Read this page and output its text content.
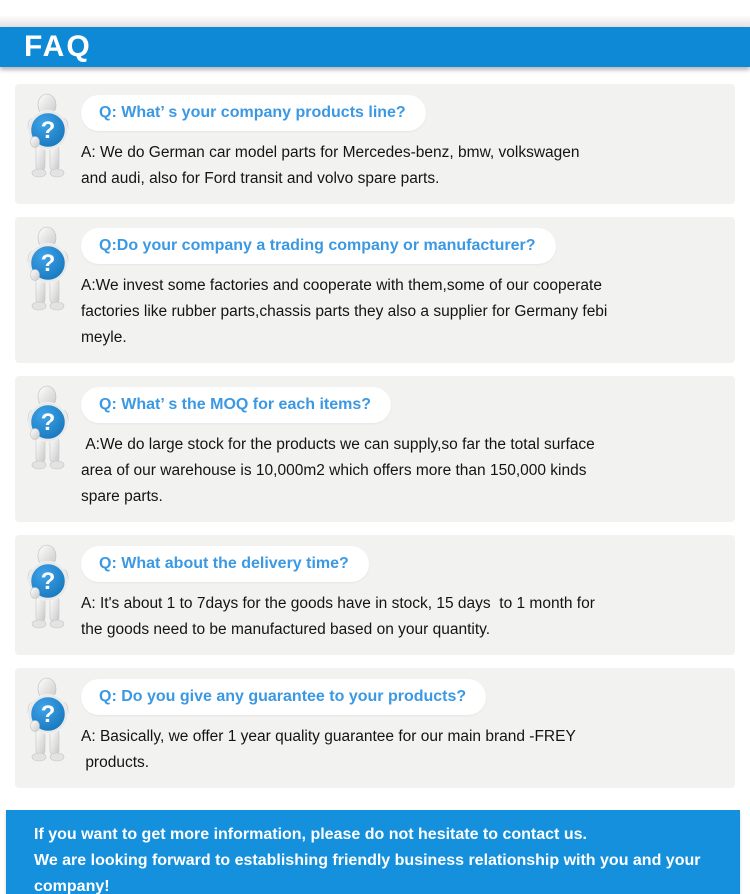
FAQ
Q: What’ s your company products line?
A: We do German car model parts for Mercedes-benz, bmw, volkswagen
and audi, also for Ford transit and volvo spare parts.
Q:Do your company a trading company or manufacturer?
A:We invest some factories and cooperate with them,some of our cooperate
factories like rubber parts,chassis parts they also a supplier for Germany febi
meyle.
Q: What’ s the MOQ for each items?
A:We do large stock for the products we can supply,so far the total surface
area of our warehouse is 10,000m2 which offers more than 150,000 kinds
spare parts.
Q: What about the delivery time?
A: It's about 1 to 7days for the goods have in stock, 15 days  to 1 month for
the goods need to be manufactured based on your quantity.
Q: Do you give any guarantee to your products?
A: Basically, we offer 1 year quality guarantee for our main brand -FREY
products.
If you want to get more information, please do not hesitate to contact us.
We are looking forward to establishing friendly business relationship with you and your
company!
